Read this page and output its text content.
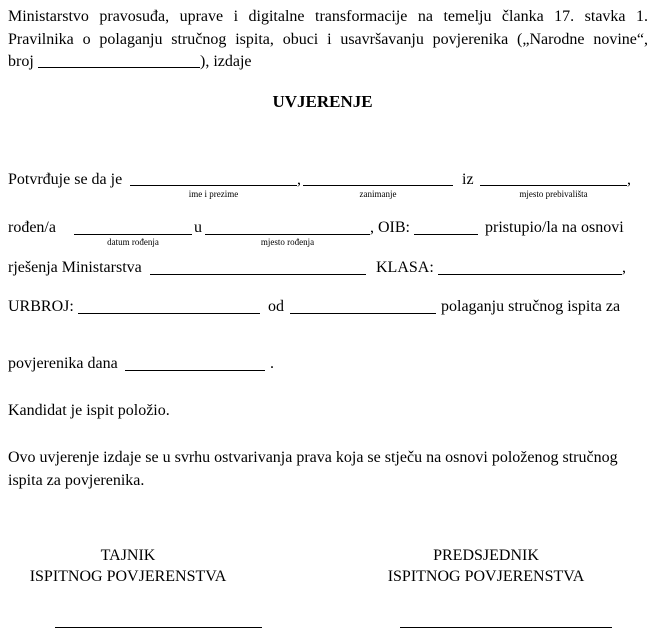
Ministarstvo pravosuđa, uprave i digitalne transformacije na temelju članka 17. stavka 1.
Pravilnika o polaganju stručnog ispita, obuci i usavršavanju povjerenika („Narodne novine“,
broj	), izdaje
UVJERENJE
Potvrđuje se da je	,	iz	,
ime i prezime	zanimanje	mjesto prebivališta
rođen/a	u	, OIB:	pristupio/la na osnovi
datum rođenja	mjesto rođenja
rješenja Ministarstva	KLASA:	,
URBROJ:	od	polaganju stručnog ispita za
povjerenika dana	.
Kandidat je ispit položio.
Ovo uvjerenje izdaje se u svrhu ostvarivanja prava koja se stječu na osnovi položenog stručnog
ispita za povjerenika.
TAJNIK
ISPITNOG POVJERENSTVA
PREDSJEDNIK
ISPITNOG POVJERENSTVA
